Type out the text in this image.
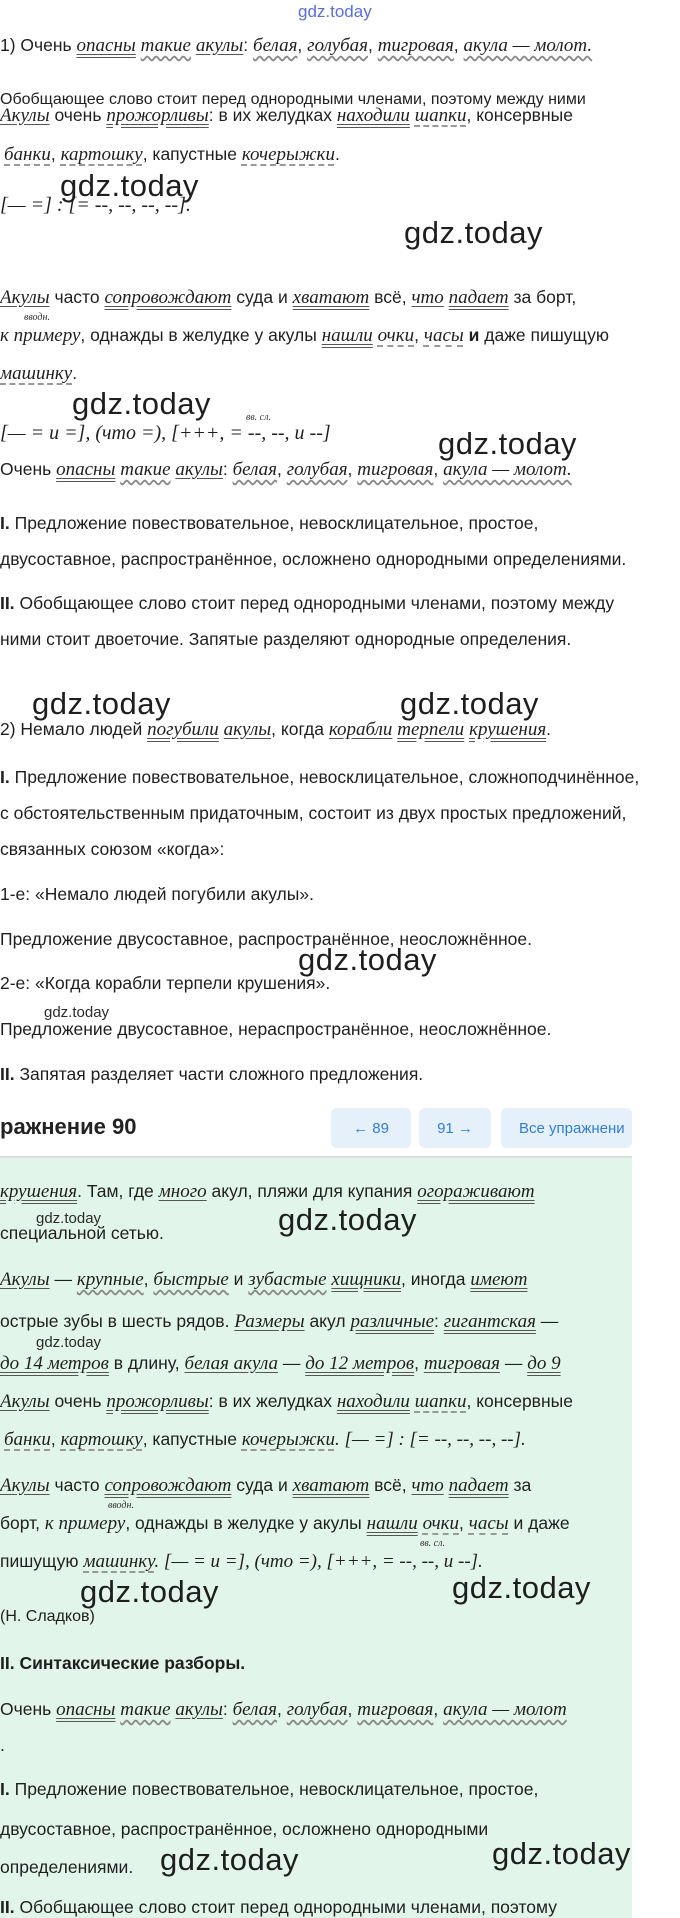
gdz.today
1) Очень опасны такие акулы: белая, голубая, тигровая, акула — молот.
Обобщающее слово стоит перед однородными членами, поэтому между ними
Акулы очень прожорливы: в их желудках находили шапки, консервные
банки, картошку, капустные кочерыжки.
gdz.today
[— =] : [= --, --, --, --].
gdz.today
Акулы часто сопровождают суда и хватают всё, что падает за борт,
вводн.
к примеру, однажды в желудке у акулы нашли очки, часы и даже пишущую
машинку.
gdz.today	вв. сл.
[— = и =], (что =), [+++, = --, --, и --]	gdz.today
Очень опасны такие акулы: белая, голубая, тигровая, акула — молот.
I. Предложение повествовательное, невосклицательное, простое,
двусоставное, распространённое, осложнено однородными определениями.
II. Обобщающее слово стоит перед однородными членами, поэтому между
ними стоит двоеточие. Запятые разделяют однородные определения.
gdz.today	gdz.today
2) Немало людей погубили акулы, когда корабли терпели крушения.
I. Предложение повествовательное, невосклицательное, сложноподчинённое,
с обстоятельственным придаточным, состоит из двух простых предложений,
связанных союзом «когда»:
1-е: «Немало людей погубили акулы».
Предложение двусоставное, распространённое, неосложнённое.
gdz.today
2-е: «Когда корабли терпели крушения».
gdz.today
Предложение двусоставное, нераспространённое, неосложнённое.
II. Запятая разделяет части сложного предложения.
ражнение 90	← 89	91 →	Все упражнени
крушения. Там, где много акул, пляжи для купания огораживают
gdz.today	gdz.today
специальной сетью.
Акулы — крупные, быстрые и зубастые хищники, иногда имеют
острые зубы в шесть рядов. Размеры акул различные: гигантская —
gdz.today
до 14 метров в длину, белая акула — до 12 метров, тигровая — до 9
Акулы очень прожорливы: в их желудках находили шапки, консервные
банки, картошку, капустные кочерыжки. [— =] : [= --, --, --, --].
Акулы часто сопровождают суда и хватают всё, что падает за
вводн.
борт, к примеру, однажды в желудке у акулы нашли очки, часы и даже
вв. сл.
пишущую машинку. [— = и =], (что =), [+++, = --, --, и --].
gdz.today	gdz.today
(Н. Сладков)
II. Синтаксические разборы.
Очень опасны такие акулы: белая, голубая, тигровая, акула — молот
.
I. Предложение повествовательное, невосклицательное, простое,
двусоставное, распространённое, осложнено однородными
определениями. gdz.today	gdz.today
II. Обобщающее слово стоит перед однородными членами, поэтому
